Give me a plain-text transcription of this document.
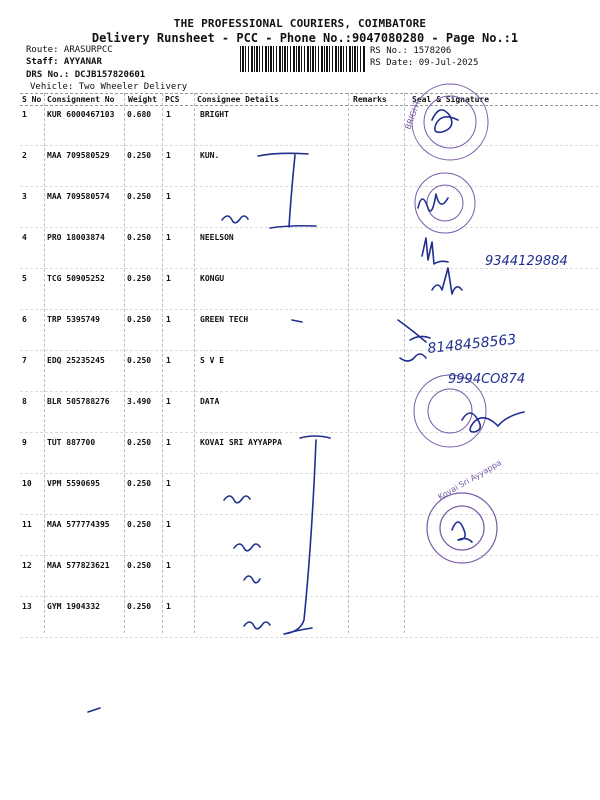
THE PROFESSIONAL COURIERS, COIMBATORE
Delivery Runsheet - PCC - Phone No.:9047080280 - Page No.:1
Route: ARASURPCC
Staff: AYYANAR
DRS No.: DCJB157820601
Vehicle: Two Wheeler Delivery
RS No.: 1578206
RS Date: 09-Jul-2025
S No Consignment No Weight PCS Consignee Details	Remarks	Seal & Signature
1	KUR 6000467103 0.680 1	BRIGHT
2	MAA 709580529 0.250 1	KUN.
3	MAA 709580574 0.250 1
4	PRO 18003874	0.250 1	NEELSON
5	TCG 50905252	0.250 1	KONGU
6	TRP 5395749	0.250 1	GREEN TECH
7	EDQ 25235245	0.250 1	S V E
8	BLR 505788276 3.490 1	DATA
9	TUT 887700	0.250 1	KOVAI SRI AYYAPPA
10 VPM 5590695	0.250 1
11 MAA 577774395 0.250 1
12 MAA 577823621 0.250 1
13 GYM 1904332	0.250 1
9344129884
8148458563
9994CO874
BRIGHT
Kovai Sri Ayyappa
